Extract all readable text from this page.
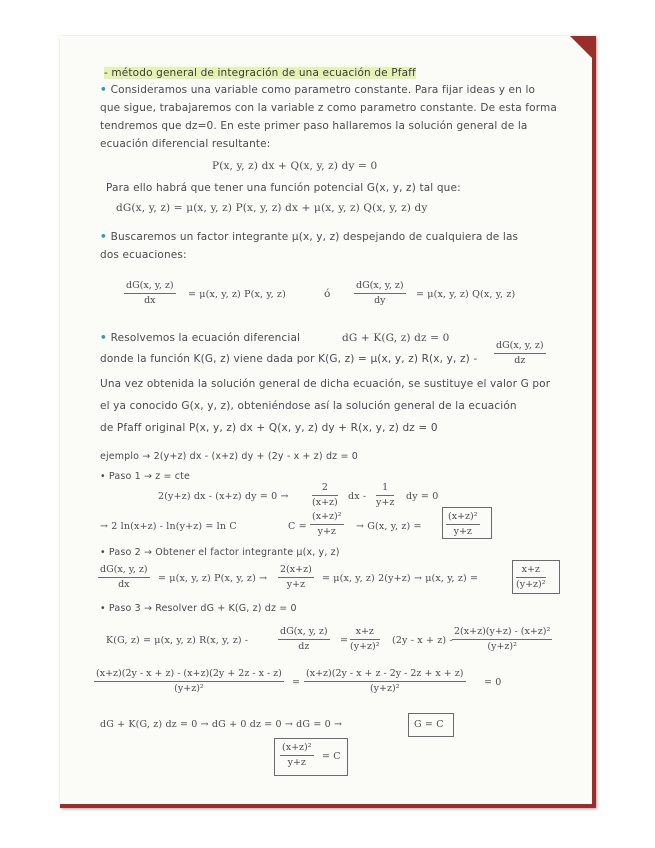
- método general de integración de una ecuación de Pfaff
• Consideramos una variable como parametro constante. Para fijar ideas y en lo
que sigue, trabajaremos con la variable z como parametro constante. De esta forma
tendremos que dz=0. En este primer paso hallaremos la solución general de la
ecuación diferencial resultante:
P(x, y, z) dx + Q(x, y, z) dy = 0
Para ello habrá que tener una función potencial G(x, y, z) tal que:
dG(x, y, z) = μ(x, y, z) P(x, y, z) dx + μ(x, y, z) Q(x, y, z) dy
• Buscaremos un factor integrante μ(x, y, z) despejando de cualquiera de las
dos ecuaciones:
$\frac{dG(x, y, z)}{dx} = \mu(x$, y, z) P(x, y, z)	ó $\frac{dG(x, y, z)}{dy} = \mu(x$, y, z) Q(x, y, z)
• Resolvemos la ecuación diferencial	dG + K(G, z) dz = 0
donde la función K(G, z) viene dada por K(G, z) = μ(x, y, z) R(x, y, $z) - \frac{dG(x, y, z)}{dz}$
Una vez obtenida la solución general de dicha ecuación, se sustituye el valor G por
el ya conocido G(x, y, z), obteniéndose así la solución general de la ecuación
de Pfaff original P(x, y, z) dx + Q(x, y, z) dy + R(x, y, z) dz = 0
ejemplo → 2(y+z) dx - (x+z) dy + (2y - x + z) dz = 0
• Paso 1 → z = cte
2(y+z) dx - (x+z) dy = $0 \to \frac{2}{(x+z)}$ dx - $\frac{1}{y+z}$ dy = 0
→ 2 ln(x+z) - ln(y+z) = ln C	$C = \frac{\text{(x+z)²}}{y+z} \to G(x$, y, z) =	$\frac{\text{(x+z)²}}{y+z}$
• Paso 2 → Obtener el factor integrante μ(x, y, z)
$\frac{dG(x, y, z)}{dx} = \mu(x$, y, z) P(x, y, $z) \to \frac{2(x+z)}{y+z} = \mu(x$, y, z) 2(y+z) → μ(x, y, z) =	$\frac{x+z}{\text{(y+z)²}}$
• Paso 3 → Resolver dG + K(G, z) dz = 0
K(G, z) = μ(x, y, z) R(x, y, z) -	$\frac{dG(x, y, z)}{dz} = \frac{x+z}{\text{(y+z)²}} (2y - x + z) - \frac{\text{2(x+z)(y+z) - (x+z)²}}{\text{(y+z)²}}$
$\frac{(x+z)(2y - x + z) - (x+z)(2y + 2z - x - z)}{\text{(y+z)²}} = \frac{(x+z)(2y - x + z - 2y - 2z + x + z)}{\text{(y+z)²}} = 0$
dG + K(G, z) dz = 0 → dG + 0 dz = 0 → dG = 0 →	G = C
$\frac{\text{(x+z)²}}{y+z} = C$
